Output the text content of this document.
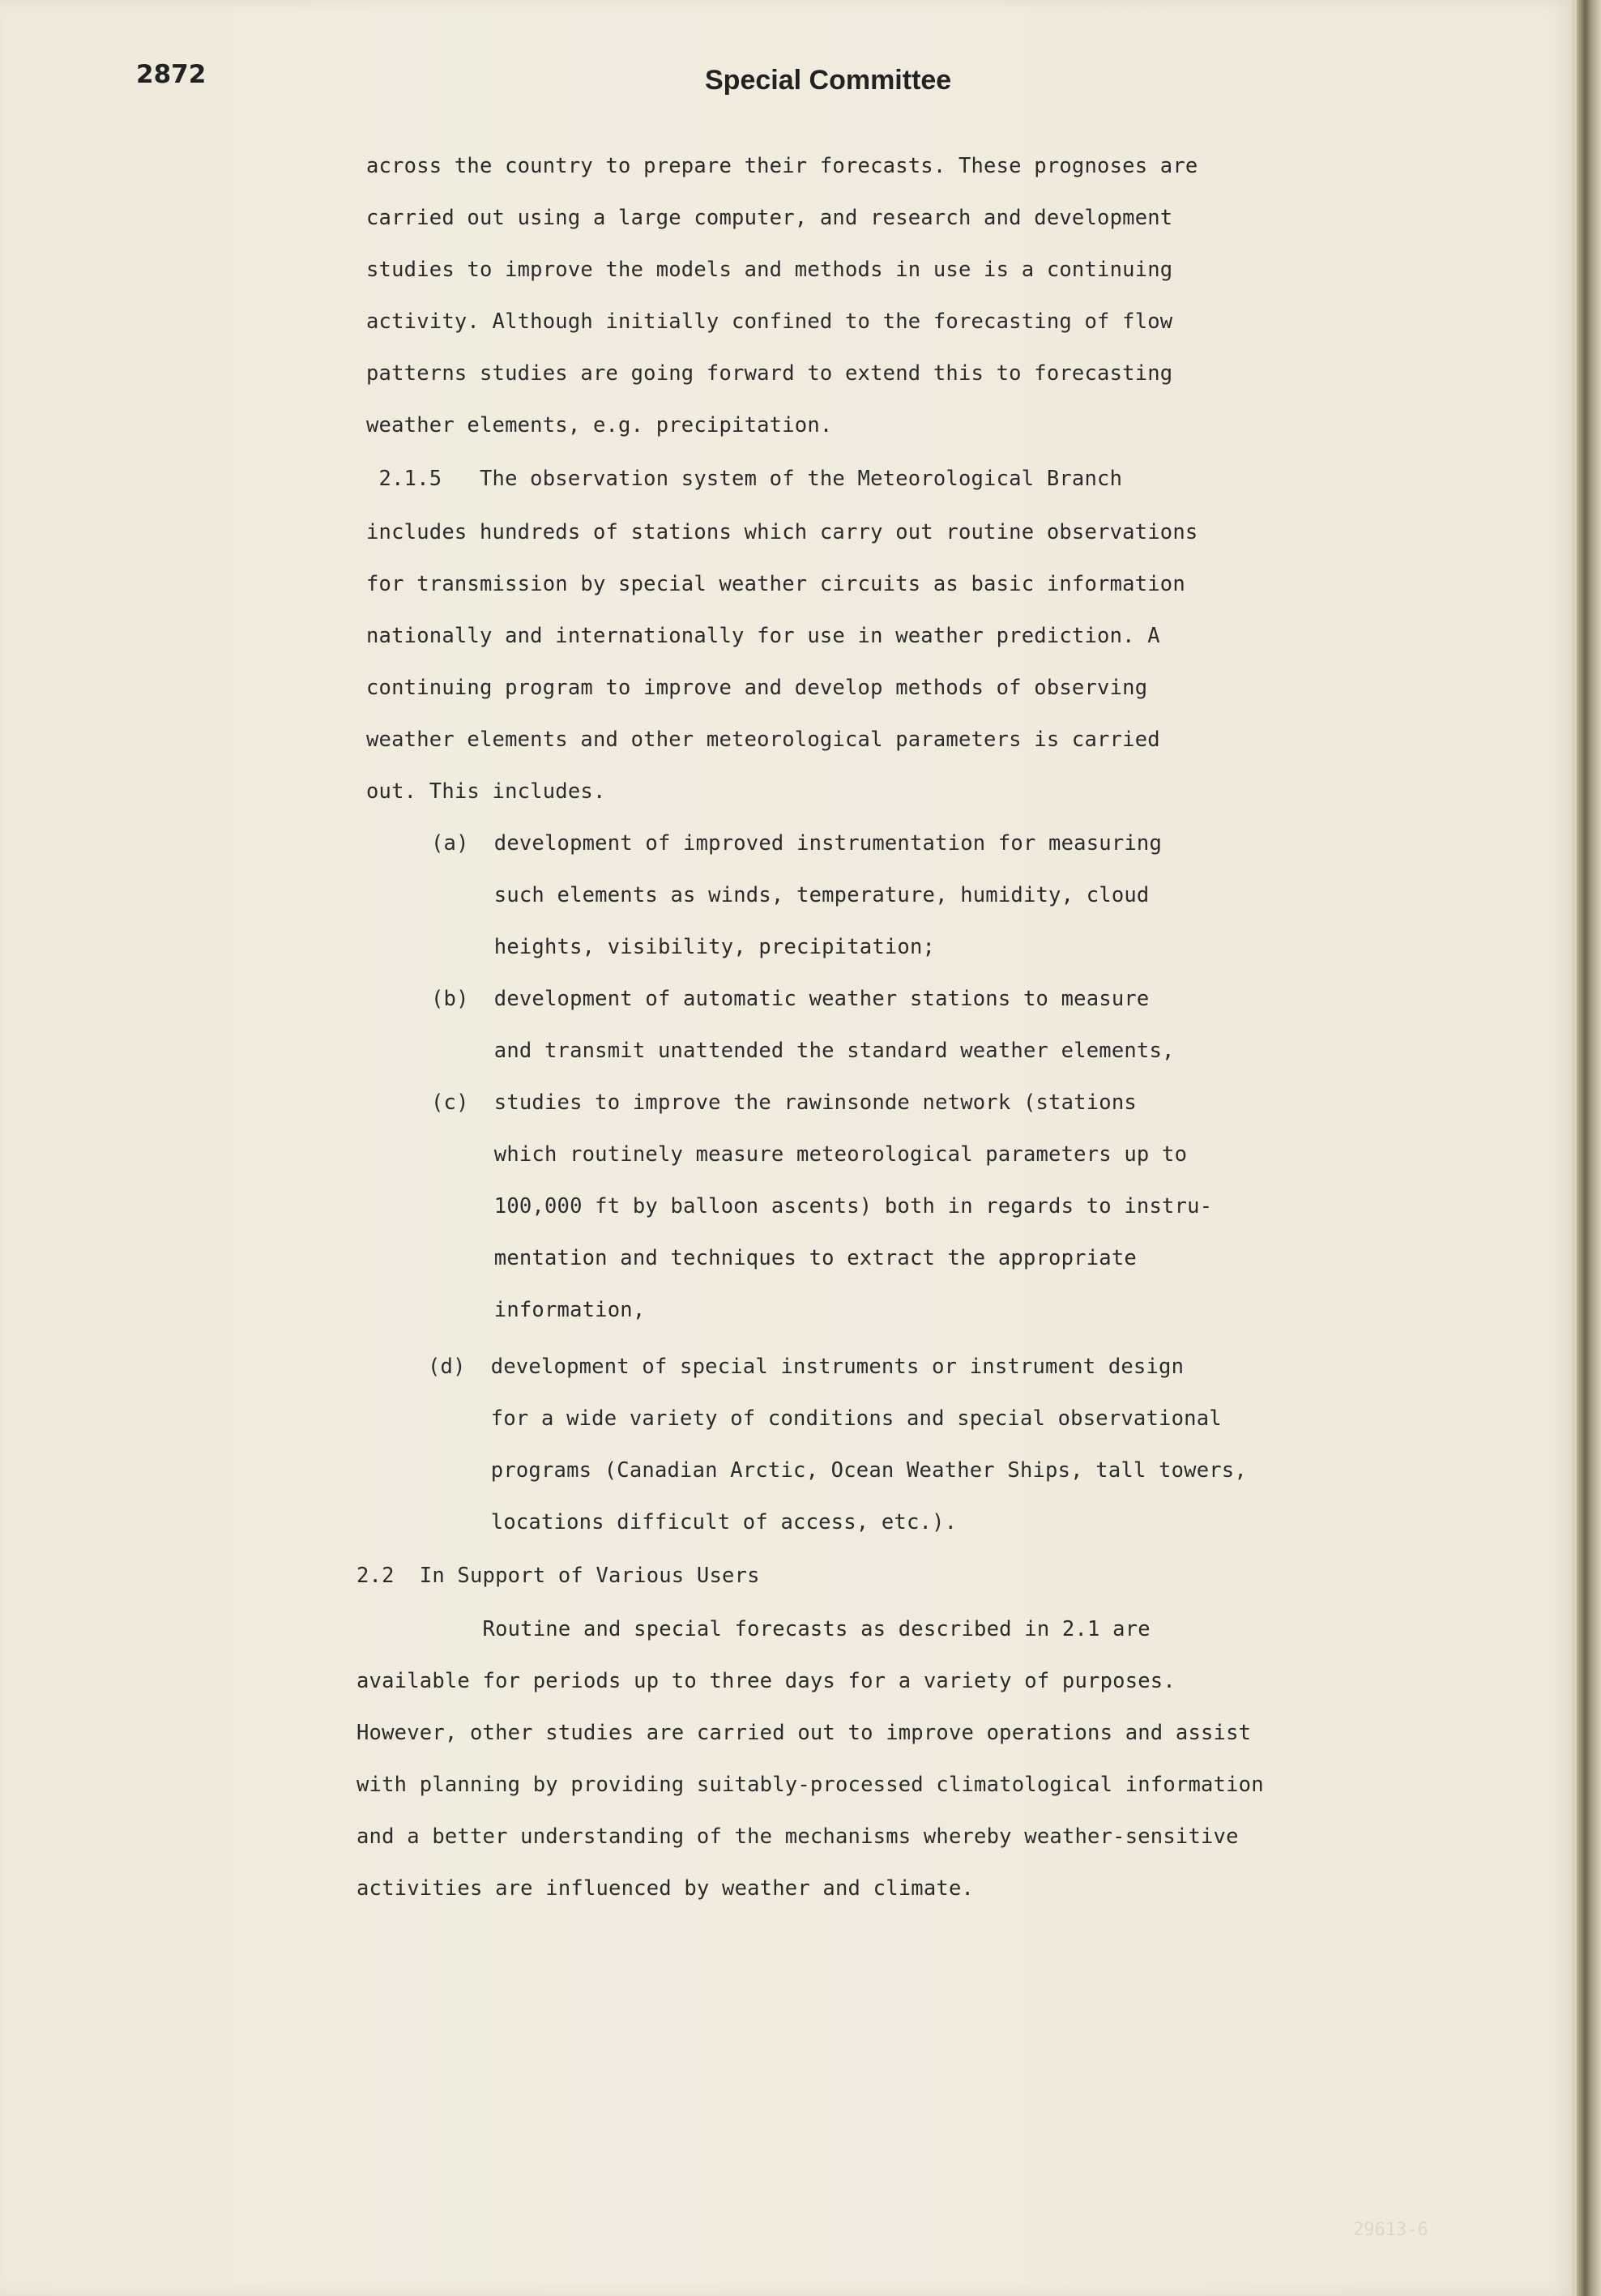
2872	Special Committee
across the country to prepare their forecasts. These prognoses are
carried out using a large computer, and research and development
studies to improve the models and methods in use is a continuing
activity. Although initially confined to the forecasting of flow
patterns studies are going forward to extend this to forecasting
weather elements, e.g. precipitation.
2.1.5   The observation system of the Meteorological Branch
includes hundreds of stations which carry out routine observations
for transmission by special weather circuits as basic information
nationally and internationally for use in weather prediction. A
continuing program to improve and develop methods of observing
weather elements and other meteorological parameters is carried
out. This includes.
(a)  development of improved instrumentation for measuring
such elements as winds, temperature, humidity, cloud
heights, visibility, precipitation;
(b)  development of automatic weather stations to measure
and transmit unattended the standard weather elements,
(c)  studies to improve the rawinsonde network (stations
which routinely measure meteorological parameters up to
100,000 ft by balloon ascents) both in regards to instru-
mentation and techniques to extract the appropriate
information,
(d)  development of special instruments or instrument design
for a wide variety of conditions and special observational
programs (Canadian Arctic, Ocean Weather Ships, tall towers,
locations difficult of access, etc.).
2.2  In Support of Various Users
Routine and special forecasts as described in 2.1 are
available for periods up to three days for a variety of purposes.
However, other studies are carried out to improve operations and assist
with planning by providing suitably-processed climatological information
and a better understanding of the mechanisms whereby weather-sensitive
activities are influenced by weather and climate.
29613-6
